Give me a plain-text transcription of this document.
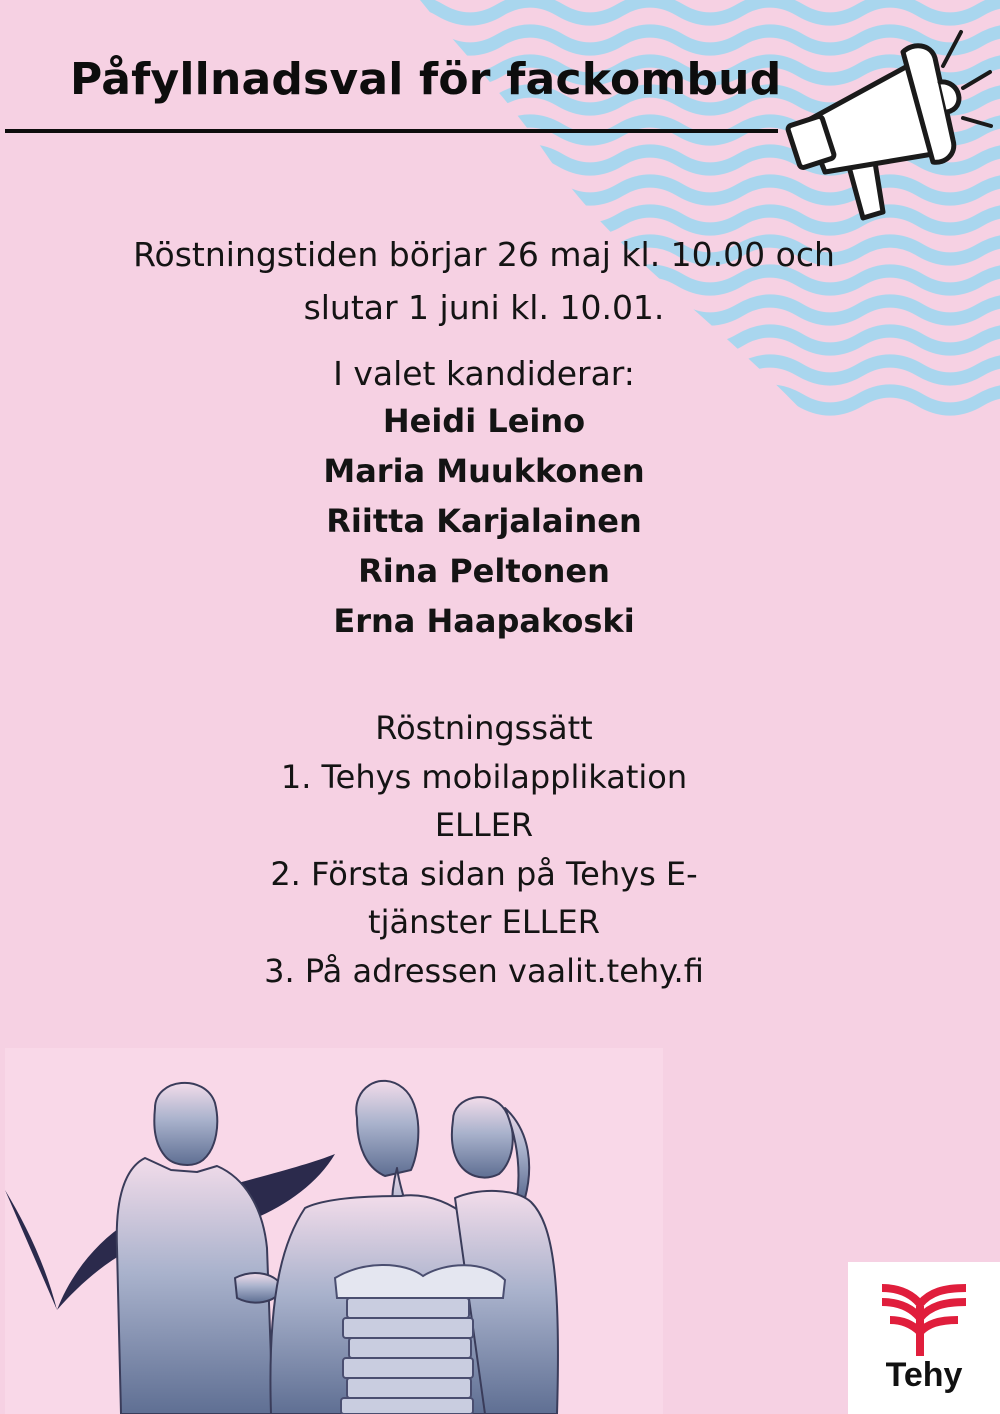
Påfyllnadsval för fackombud
Röstningstiden börjar 26 maj kl. 10.00 och
slutar 1 juni kl. 10.01.
I valet kandiderar:
Heidi Leino
Maria Muukkonen
Riitta Karjalainen
Rina Peltonen
Erna Haapakoski
Röstningssätt
1. Tehys mobilapplikation
ELLER
2. Första sidan på Tehys E-
tjänster ELLER
3. På adressen vaalit.tehy.fi
Tehy
